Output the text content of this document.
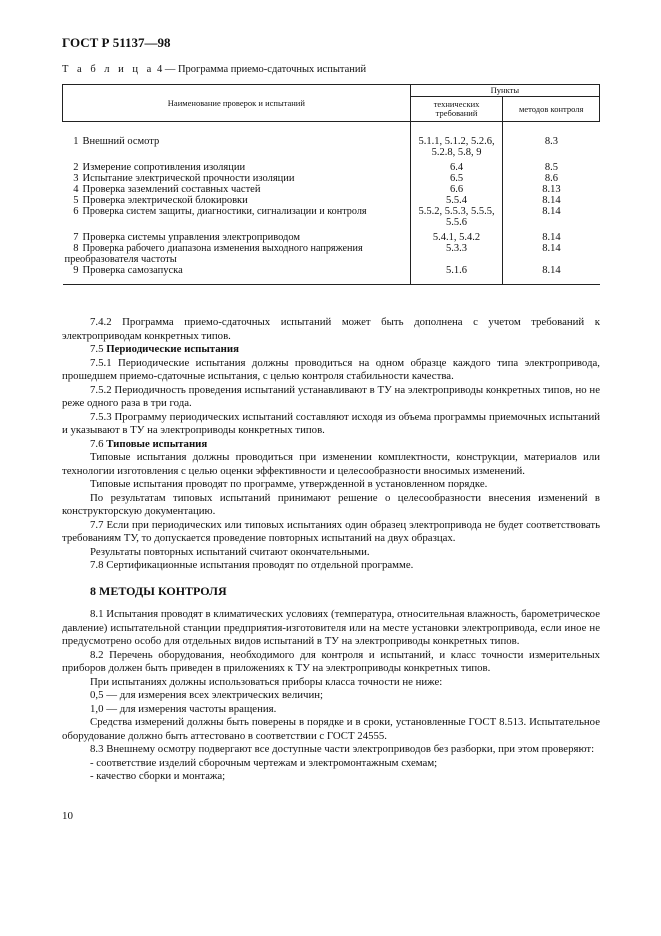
ГОСТ Р 51137—98
Т а б л и ц а 4 — Программа приемо-сдаточных испытаний
Наименование проверок и испытаний	Пункты	
	технических требований	методов контроля

1 Внешний осмотр	5.1.1, 5.1.2, 5.2.6, 5.2.8, 5.8, 9	8.3
2 Измерение сопротивления изоляции	6.4	8.5
3 Испытание электрической прочности изоляции	6.5	8.6
4 Проверка заземлений составных частей	6.6	8.13
5 Проверка электрической блокировки	5.5.4	8.14
6 Проверка систем защиты, диагностики, сигнализации и контроля	5.5.2, 5.5.3, 5.5.5, 5.5.6	8.14
7 Проверка системы управления электроприводом	5.4.1, 5.4.2	8.14
8 Проверка рабочего диапазона изменения выходного напряжения
преобразователя частоты	5.3.3	8.14
9 Проверка самозапуска	5.1.6	8.14

7.4.2 Программа приемо-сдаточных испытаний может быть дополнена с учетом требований к электроприводам конкретных типов.

7.5 Периодические испытания

7.5.1 Периодические испытания должны проводиться на одном образце каждого типа электропривода, прошедшем приемо-сдаточные испытания, с целью контроля стабильности качества.

7.5.2 Периодичность проведения испытаний устанавливают в ТУ на электроприводы конкретных типов, но не реже одного раза в три года.

7.5.3 Программу периодических испытаний составляют исходя из объема программы приемочных испытаний и указывают в ТУ на электроприводы конкретных типов.

7.6 Типовые испытания

Типовые испытания должны проводиться при изменении комплектности, конструкции, материалов или технологии изготовления с целью оценки эффективности и целесообразности вносимых изменений.

Типовые испытания проводят по программе, утвержденной в установленном порядке.

По результатам типовых испытаний принимают решение о целесообразности внесения изменений в конструкторскую документацию.

7.7 Если при периодических или типовых испытаниях один образец электропривода не будет соответствовать требованиям ТУ, то допускается проведение повторных испытаний на двух образцах.

Результаты повторных испытаний считают окончательными.

7.8 Сертификационные испытания проводят по отдельной программе.

8 МЕТОДЫ КОНТРОЛЯ

8.1 Испытания проводят в климатических условиях (температура, относительная влажность, барометрическое давление) испытательной станции предприятия-изготовителя или на месте установки электропривода, если иное не предусмотрено особо для отдельных видов испытаний в ТУ на электроприводы конкретных типов.

8.2 Перечень оборудования, необходимого для контроля и испытаний, и класс точности измерительных приборов должен быть приведен в приложениях к ТУ на электроприводы конкретных типов.

При испытаниях должны использоваться приборы класса точности не ниже:

0,5 — для измерения всех электрических величин;

1,0 — для измерения частоты вращения.

Средства измерений должны быть поверены в порядке и в сроки, установленные ГОСТ 8.513. Испытательное оборудование должно быть аттестовано в соответствии с ГОСТ 24555.

8.3 Внешнему осмотру подвергают все доступные части электроприводов без разборки, при этом проверяют:

- соответствие изделий сборочным чертежам и электромонтажным схемам;

- качество сборки и монтажа;

10
